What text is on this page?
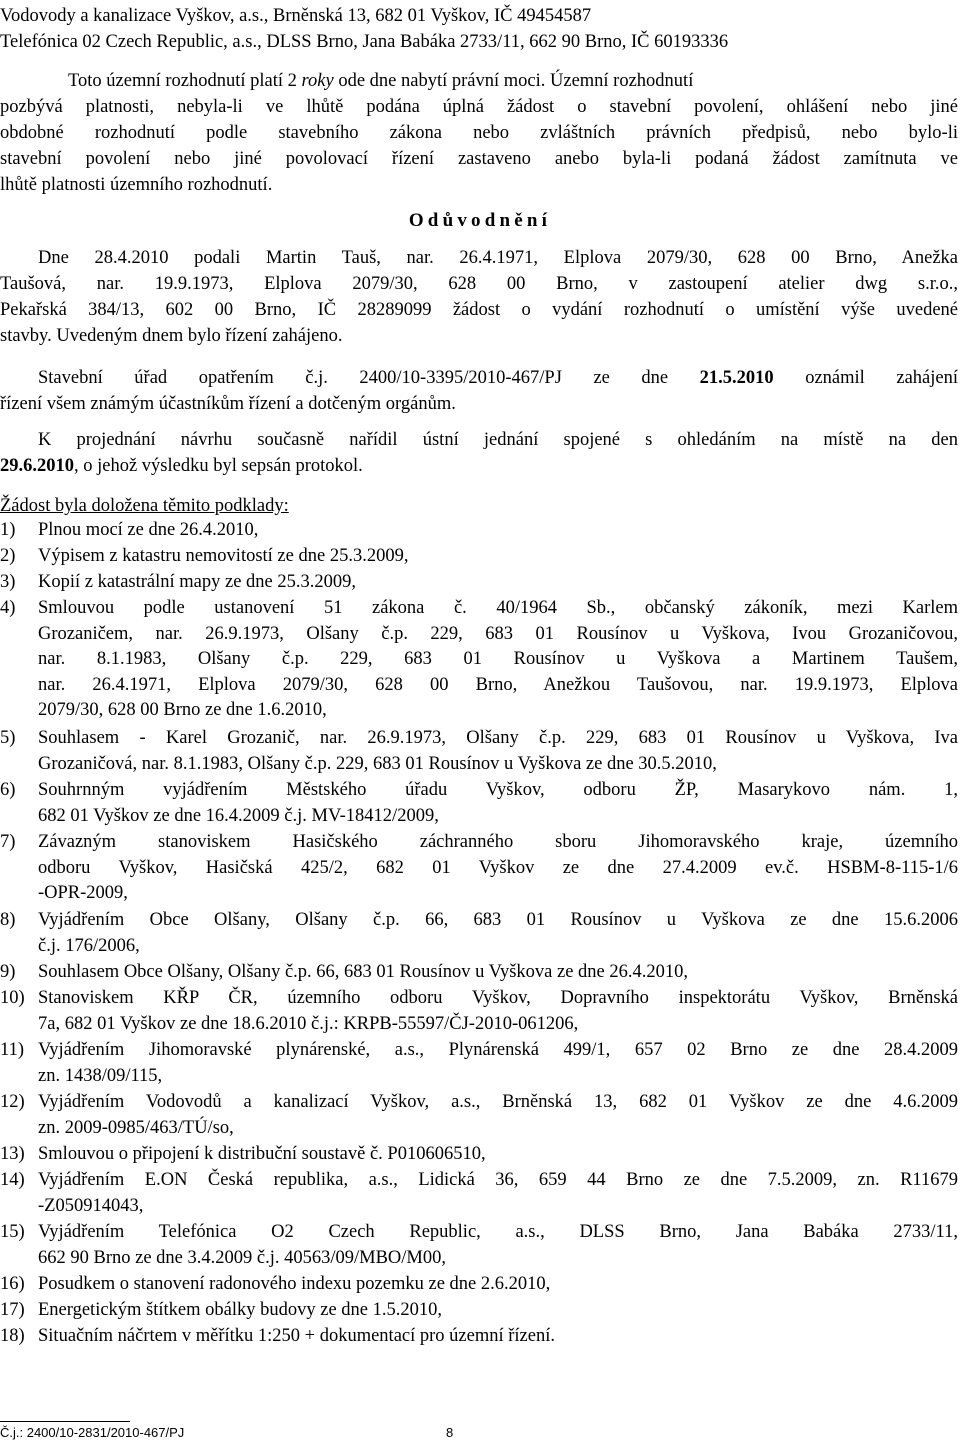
Vodovody a kanalizace Vyškov, a.s., Brněnská 13, 682 01 Vyškov, IČ 49454587
Telefónica 02 Czech Republic, a.s., DLSS Brno, Jana Babáka 2733/11, 662 90 Brno, IČ 60193336
Toto územní rozhodnutí platí 2 roky ode dne nabytí právní moci. Územní rozhodnutí
pozbývá platnosti, nebyla-li ve lhůtě podána úplná žádost o stavební povolení, ohlášení nebo jiné
obdobné rozhodnutí podle stavebního zákona nebo zvláštních právních předpisů, nebo bylo-li
stavební povolení nebo jiné povolovací řízení zastaveno anebo byla-li podaná žádost zamítnuta ve
lhůtě platnosti územního rozhodnutí.
Odůvodnění
Dne 28.4.2010 podali Martin Tauš, nar. 26.4.1971, Elplova 2079/30, 628 00 Brno, Anežka
Taušová, nar. 19.9.1973, Elplova 2079/30, 628 00 Brno, v zastoupení atelier dwg s.r.o.,
Pekařská 384/13, 602 00 Brno, IČ 28289099 žádost o vydání rozhodnutí o umístění výše uvedené
stavby. Uvedeným dnem bylo řízení zahájeno.
Stavební úřad opatřením č.j. 2400/10-3395/2010-467/PJ ze dne 21.5.2010 oznámil zahájení
řízení všem známým účastníkům řízení a dotčeným orgánům.
K projednání návrhu současně nařídil ústní jednání spojené s ohledáním na místě na den
29.6.2010, o jehož výsledku byl sepsán protokol.
Žádost byla doložena těmito podklady:
1)	Plnou mocí ze dne 26.4.2010,
2)	Výpisem z katastru nemovitostí ze dne 25.3.2009,
3)	Kopií z katastrální mapy ze dne 25.3.2009,
4)	Smlouvou podle ustanovení 51 zákona č. 40/1964 Sb., občanský zákoník, mezi Karlem
Grozaničem, nar. 26.9.1973, Olšany č.p. 229, 683 01 Rousínov u Vyškova, Ivou Grozaničovou,
nar. 8.1.1983, Olšany č.p. 229, 683 01 Rousínov u Vyškova a Martinem Taušem,
nar. 26.4.1971, Elplova 2079/30, 628 00 Brno, Anežkou Taušovou, nar. 19.9.1973, Elplova
2079/30, 628 00 Brno ze dne 1.6.2010,
5)	Souhlasem - Karel Grozanič, nar. 26.9.1973, Olšany č.p. 229, 683 01 Rousínov u Vyškova, Iva
Grozaničová, nar. 8.1.1983, Olšany č.p. 229, 683 01 Rousínov u Vyškova ze dne 30.5.2010,
6)	Souhrnným vyjádřením Městského úřadu Vyškov, odboru ŽP, Masarykovo nám. 1,
682 01 Vyškov ze dne 16.4.2009 č.j. MV-18412/2009,
7)	Závazným stanoviskem Hasičského záchranného sboru Jihomoravského kraje, územního
odboru Vyškov, Hasičská 425/2, 682 01 Vyškov ze dne 27.4.2009 ev.č. HSBM-8-115-1/6
-OPR-2009,
8)	Vyjádřením Obce Olšany, Olšany č.p. 66, 683 01 Rousínov u Vyškova ze dne 15.6.2006
č.j. 176/2006,
9)	Souhlasem Obce Olšany, Olšany č.p. 66, 683 01 Rousínov u Vyškova ze dne 26.4.2010,
10) Stanoviskem KŘP ČR, územního odboru Vyškov, Dopravního inspektorátu Vyškov, Brněnská
7a, 682 01 Vyškov ze dne 18.6.2010 č.j.: KRPB-55597/ČJ-2010-061206,
11) Vyjádřením Jihomoravské plynárenské, a.s., Plynárenská 499/1, 657 02 Brno ze dne 28.4.2009
zn. 1438/09/115,
12) Vyjádřením Vodovodů a kanalizací Vyškov, a.s., Brněnská 13, 682 01 Vyškov ze dne 4.6.2009
zn. 2009-0985/463/TÚ/so,
13) Smlouvou o připojení k distribuční soustavě č. P010606510,
14) Vyjádřením E.ON Česká republika, a.s., Lidická 36, 659 44 Brno ze dne 7.5.2009, zn. R11679
-Z050914043,
15) Vyjádřením Telefónica O2 Czech Republic, a.s., DLSS Brno, Jana Babáka 2733/11,
662 90 Brno ze dne 3.4.2009 č.j. 40563/09/MBO/M00,
16) Posudkem o stanovení radonového indexu pozemku ze dne 2.6.2010,
17) Energetickým štítkem obálky budovy ze dne 1.5.2010,
18) Situačním náčrtem v měřítku 1:250 + dokumentací pro územní řízení.
Č.j.: 2400/10-2831/2010-467/PJ	8
